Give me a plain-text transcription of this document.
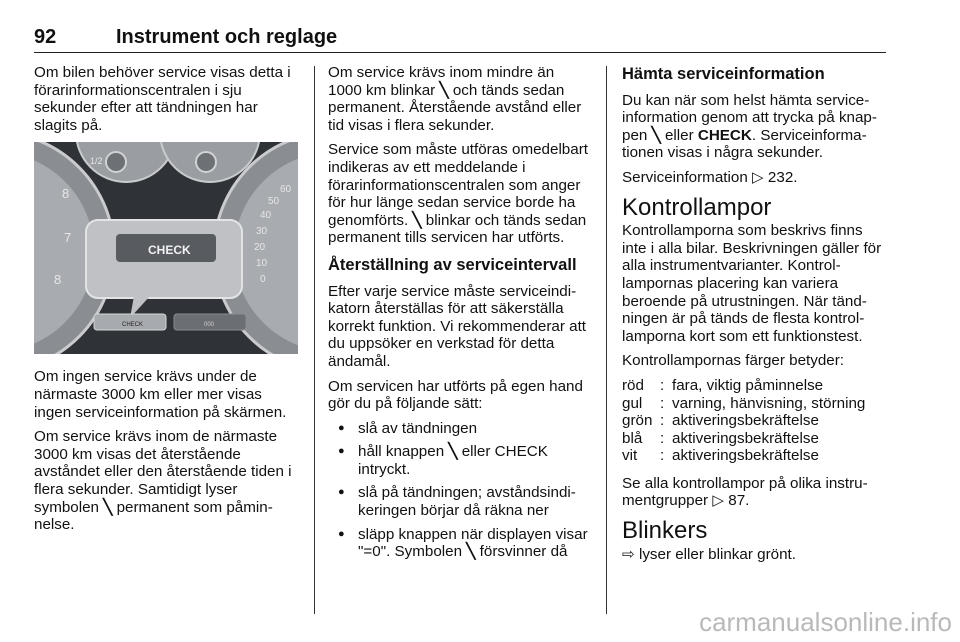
92	Instrument och reglage

Om bilen behöver service visas detta i förarinformationscentralen i sju sekunder efter att tändningen har slagits på.

1/2
8
7
8
60
50
40
30
20
10
0
CHECK
CHECK	000

Om ingen service krävs under de närmaste 3000 km eller mer visas ingen serviceinformation på skärmen.

Om service krävs inom de närmaste 3000 km visas det återstående avståndet eller den återstående tiden i flera sekunder. Samtidigt lyser symbolen ╲ permanent som påminnelse.

Om service krävs inom mindre än 1000 km blinkar ╲ och tänds sedan permanent. Återstående avstånd eller tid visas i flera sekunder.

Service som måste utföras omedelbart indikeras av ett meddelande i förarinformationscentralen som anger för hur länge sedan service borde ha genomförts. ╲ blinkar och tänds sedan permanent tills servicen har utförts.

Återställning av serviceintervall

Efter varje service måste serviceindikatorn återställas för att säkerställa korrekt funktion. Vi rekommenderar att du uppsöker en verkstad för detta ändamål.

Om servicen har utförts på egen hand gör du på följande sätt:

● slå av tändningen
● håll knappen ╲ eller CHECK intryckt.
● slå på tändningen; avståndsindikeringen börjar då räkna ner
● släpp knappen när displayen visar "=0". Symbolen ╲ försvinner då
Hämta serviceinformation

Du kan när som helst hämta serviceinformation genom att trycka på knappen ╲ eller CHECK. Serviceinformationen visas i några sekunder.

Serviceinformation ▷ 232.

Kontrollampor

Kontrollamporna som beskrivs finns inte i alla bilar. Beskrivningen gäller för alla instrumentvarianter. Kontrollampornas placering kan variera beroende på utrustningen. När tändningen är på tänds de flesta kontrollamporna kort som ett funktionstest.

Kontrollampornas färger betyder:

röd	:	fara, viktig påminnelse
gul	:	varning, hänvisning, störning
grön	:	aktiveringsbekräftelse
blå	:	aktiveringsbekräftelse
vit	:	aktiveringsbekräftelse

Se alla kontrollampor på olika instrumentgrupper ▷ 87.

Blinkers

⇨ lyser eller blinkar grönt.

carmanualsonline.info
